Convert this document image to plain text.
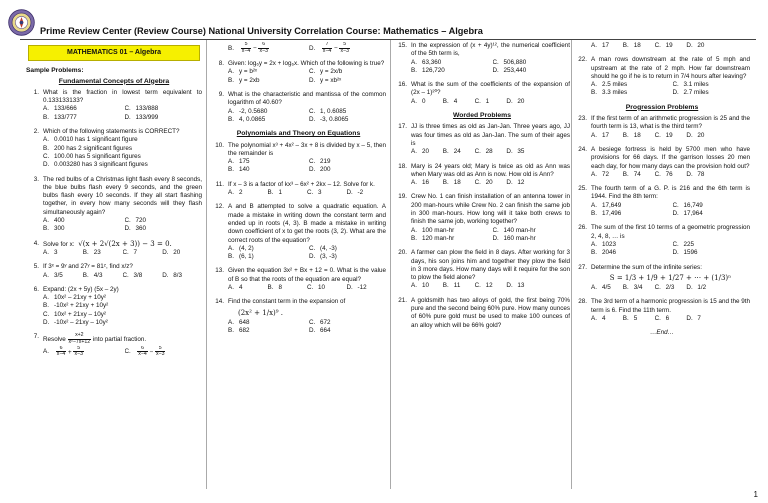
Prime Review Center (Review Course) National University Correlation Course: Mathematics – Algebra
MATHEMATICS 01 – Algebra
Sample Problems:
Fundamental Concepts of Algebra
1. What is the fraction in lowest term equivalent to 0.133133133?
A. 133/666	C. 133/888
B. 133/777	D. 133/999
2. Which of the following statements is CORRECT?
A. 0.0010 has 1 significant figure
B. 200 has 2 significant figures
C. 100.00 has 5 significant figures
D. 0.003280 has 3 significant figures
3. The red bulbs of a Christmas light flash every 8 seconds, the blue bulbs flash every 9 seconds, and the green bulbs flash every 10 seconds. If they all start flashing together, in every how many seconds will they flash simultaneously again?
A. 400	C. 720
B. 300	D. 360
4. Solve for x: √(x + 2√(2x + 3)) − 3 = 0.
A. 3	B. 23	C. 7	D. 20
5. If 3ˣ = 9ʸ and 27ʸ = 81ᶻ, find x/z?
A. 3/5	B. 4/3	C. 3/8	D. 8/3
6. Expand: (2x + 5y) (5x – 2y)
A. 10x² – 21xy + 10y²
B. -10x² + 21xy + 10y²
C. 10x² + 21xy – 10y²
D. -10x² – 21xy – 10y²
7. Resolve $\frac{x+2}{\text{x²−7x+12}}$ into partial fraction.
A. $\frac{6}{x-4} + \frac{5}{x-3}$	C. $\frac{6}{x-4} - \frac{5}{x-3}$
B. $\frac{5}{x-4} - \frac{6}{x-3}$	D. $\frac{7}{x-4} - \frac{5}{x-3}$
8. Given: log₆y = 2x + log₆x. Which of the following is true?
A. y = b²ˣ	C. y = 2x/b
B. y = 2xb	D. y = xb²ˣ
9. What is the characteristic and mantissa of the common logarithm of 40.60?
A. -2, 0.5680	C. 1, 0.6085
B. 4, 0.0865	D. -3, 0.8065
Polynomials and Theory on Equations
10. The polynomial x³ + 4x² – 3x + 8 is divided by x – 5, then the remainder is
A. 175	C. 219
B. 140	D. 200
11. If x – 3 is a factor of kx³ – 6x² + 2kx – 12. Solve for k.
A. 2	B. 1	C. 3	D. -2
12. A and B attempted to solve a quadratic equation. A made a mistake in writing down the constant term and ended up in roots (4, 3). B made a mistake in writing down coefficient of x to get the roots (3, 2). What are the correct roots of the equation?
A. (4, 2)	C. (4, -3)
B. (6, 1)	D. (3, -3)
13. Given the equation 3x² + Bx + 12 = 0. What is the value of B so that the roots of the equation are equal?
A. 4	B. 8	C. 10	D. -12
14. Find the constant term in the expansion of
(2x² + 1/x)⁹ .
A. 648	C. 672
B. 682	D. 664
15. In the expression of (x + 4y)¹², the numerical coefficient of the 5th term is,
A. 63,360	C. 506,880
B. 126,720	D. 253,440
16. What is the sum of the coefficients of the expansion of (2x – 1)²⁰?
A. 0	B. 4	C. 1	D. 20
Worded Problems
17. JJ is three times as old as Jan-Jan. Three years ago, JJ was four times as old as Jan-Jan. The sum of their ages is
A. 20	B. 24	C. 28	D. 35
18. Mary is 24 years old; Mary is twice as old as Ann was when Mary was old as Ann is now. How old is Ann?
A. 16	B. 18	C. 20	D. 12
19. Crew No. 1 can finish installation of an antenna tower in 200 man-hours while Crew No. 2 can finish the same job in 300 man-hours. How long will it take both crews to finish the same job, working together?
A. 100 man-hr	C. 140 man-hr
B. 120 man-hr	D. 160 man-hr
20. A farmer can plow the field in 8 days. After working for 3 days, his son joins him and together they plow the field in 3 more days. How many days will it require for the son to plow the field alone?
A. 10	B. 11	C. 12	D. 13
21. A goldsmith has two alloys of gold, the first being 70% pure and the second being 60% pure. How many ounces of 60% pure gold must be used to make 100 ounces of an alloy which will be 66% gold?
A. 17	B. 18	C. 19	D. 20
22. A man rows downstream at the rate of 5 mph and upstream at the rate of 2 mph. How far downstream should he go if he is to return in 7/4 hours after leaving?
A. 2.5 miles	C. 3.1 miles
B. 3.3 miles	D. 2.7 miles
Progression Problems
23. If the first term of an arithmetic progression is 25 and the fourth term is 13, what is the third term?
A. 17	B. 18	C. 19	D. 20
24. A besiege fortress is held by 5700 men who have provisions for 66 days. If the garrison losses 20 men each day, for how many days can the provision hold out?
A. 72	B. 74	C. 76	D. 78
25. The fourth term of a G. P. is 216 and the 6th term is 1944. Find the 8th term:
A. 17,649	C. 16,749
B. 17,496	D. 17,964
26. The sum of the first 10 terms of a geometric progression 2, 4, 8, … is
A. 1023	C. 225
B. 2046	D. 1596
27. Determine the sum of the infinite series:
S = 1/3 + 1/9 + 1/27 + ⋯ + (1/3)ⁿ
A. 4/5	B. 3/4	C. 2/3	D. 1/2
28. The 3rd term of a harmonic progression is 15 and the 9th term is 6. Find the 11th term.
A. 4	B. 5	C. 6	D. 7
…End…
1
